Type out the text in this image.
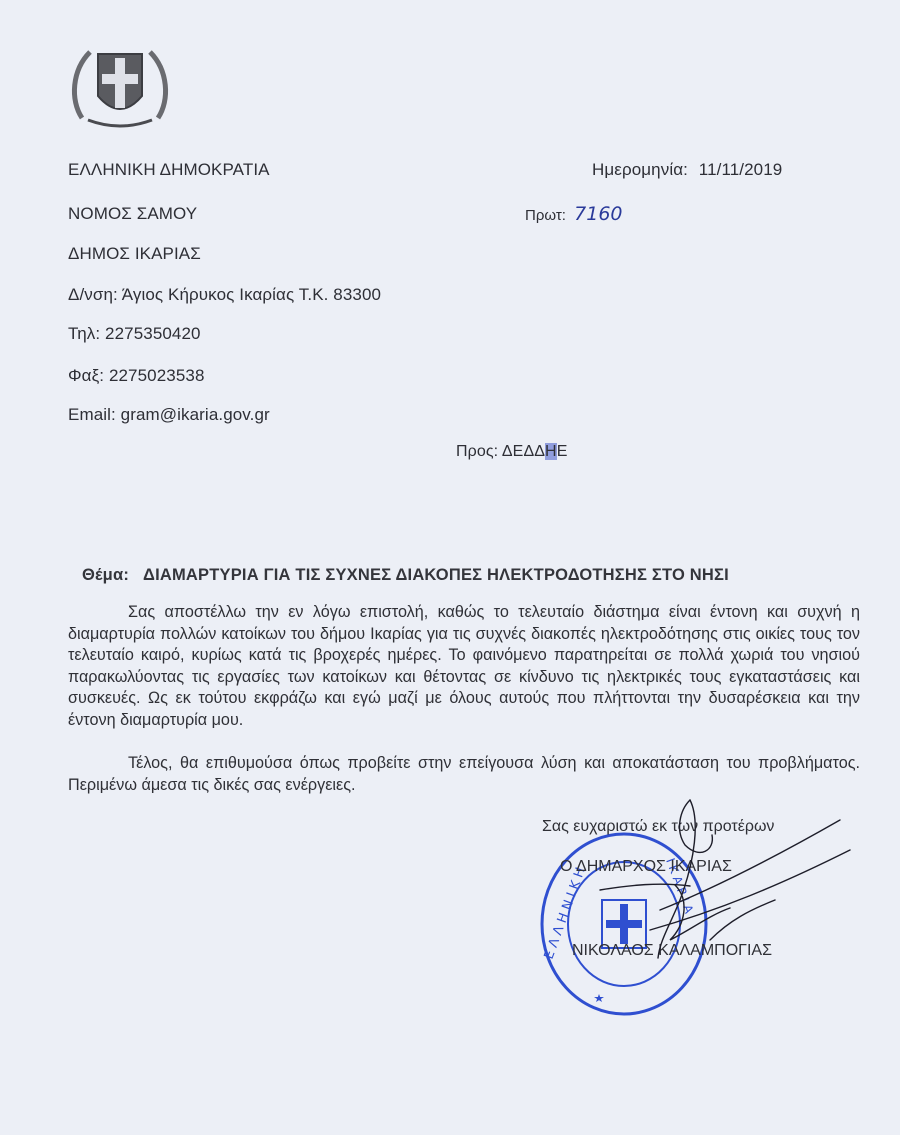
ΕΛΛΗΝΙΚΗ ΔΗΜΟΚΡΑΤΙΑ
ΝΟΜΟΣ ΣΑΜΟΥ
ΔΗΜΟΣ ΙΚΑΡΙΑΣ
Δ/νση: Άγιος Κήρυκος Ικαρίας Τ.Κ. 83300
Τηλ: 2275350420
Φαξ: 2275023538
Email: gram@ikaria.gov.gr
Ημερομηνία: 11/11/2019
Πρωτ: 7160
Προς: ΔΕΔΔΗΕ
Θέμα: ΔΙΑΜΑΡΤΥΡΙΑ ΓΙΑ ΤΙΣ ΣΥΧΝΕΣ ΔΙΑΚΟΠΕΣ ΗΛΕΚΤΡΟΔΟΤΗΣΗΣ ΣΤΟ ΝΗΣΙ
Σας αποστέλλω την εν λόγω επιστολή, καθώς το τελευταίο διάστημα είναι έντονη και συχνή η διαμαρτυρία πολλών κατοίκων του δήμου Ικαρίας για τις συχνές διακοπές ηλεκτροδότησης στις οικίες τους τον τελευταίο καιρό, κυρίως κατά τις βροχερές ημέρες. Το φαινόμενο παρατηρείται σε πολλά χωριά του νησιού παρακωλύοντας τις εργασίες των κατοίκων και θέτοντας σε κίνδυνο τις ηλεκτρικές τους εγκαταστάσεις και συσκευές. Ως εκ τούτου εκφράζω και εγώ μαζί με όλους αυτούς που πλήττονται την δυσαρέσκεια και την έντονη διαμαρτυρία μου.
Τέλος, θα επιθυμούσα όπως προβείτε στην επείγουσα λύση και αποκατάσταση του προβλήματος. Περιμένω άμεσα τις δικές σας ενέργειες.
Ε Λ Λ Η Ν Ι Κ Η	Ι Κ Α Ρ Ι Α
Σας ευχαριστώ εκ των προτέρων
Ο ΔΗΜΑΡΧΟΣ ΙΚΑΡΙΑΣ
ΝΙΚΟΛΑΟΣ ΚΑΛΑΜΠΟΓΙΑΣ
